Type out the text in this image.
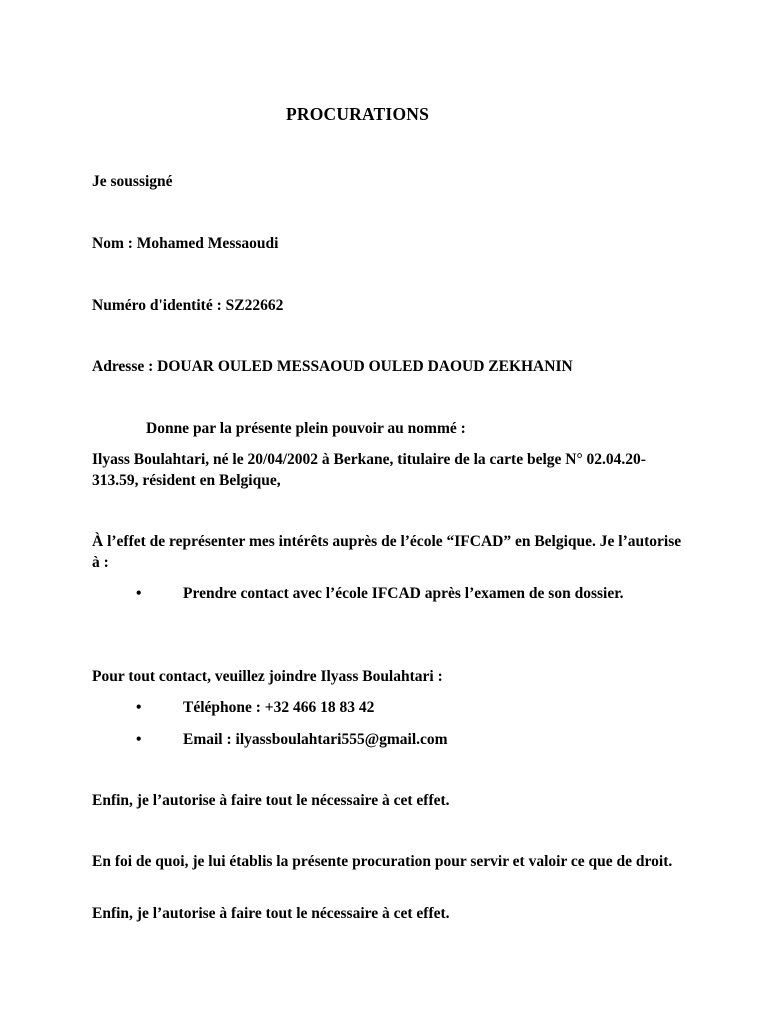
PROCURATIONS
Je soussigné
Nom : Mohamed Messaoudi
Numéro d'identité : SZ22662
Adresse : DOUAR OULED MESSAOUD OULED DAOUD ZEKHANIN
Donne par la présente plein pouvoir au nommé :
Ilyass Boulahtari, né le 20/04/2002 à Berkane, titulaire de la carte belge N° 02.04.20-313.59, résident en Belgique,
À l’effet de représenter mes intérêts auprès de l’école “IFCAD” en Belgique. Je l’autorise à :
•	Prendre contact avec l’école IFCAD après l’examen de son dossier.
Pour tout contact, veuillez joindre Ilyass Boulahtari :
•	Téléphone : +32 466 18 83 42
•	Email : ilyassboulahtari555@gmail.com
Enfin, je l’autorise à faire tout le nécessaire à cet effet.
En foi de quoi, je lui établis la présente procuration pour servir et valoir ce que de droit.
Enfin, je l’autorise à faire tout le nécessaire à cet effet.
